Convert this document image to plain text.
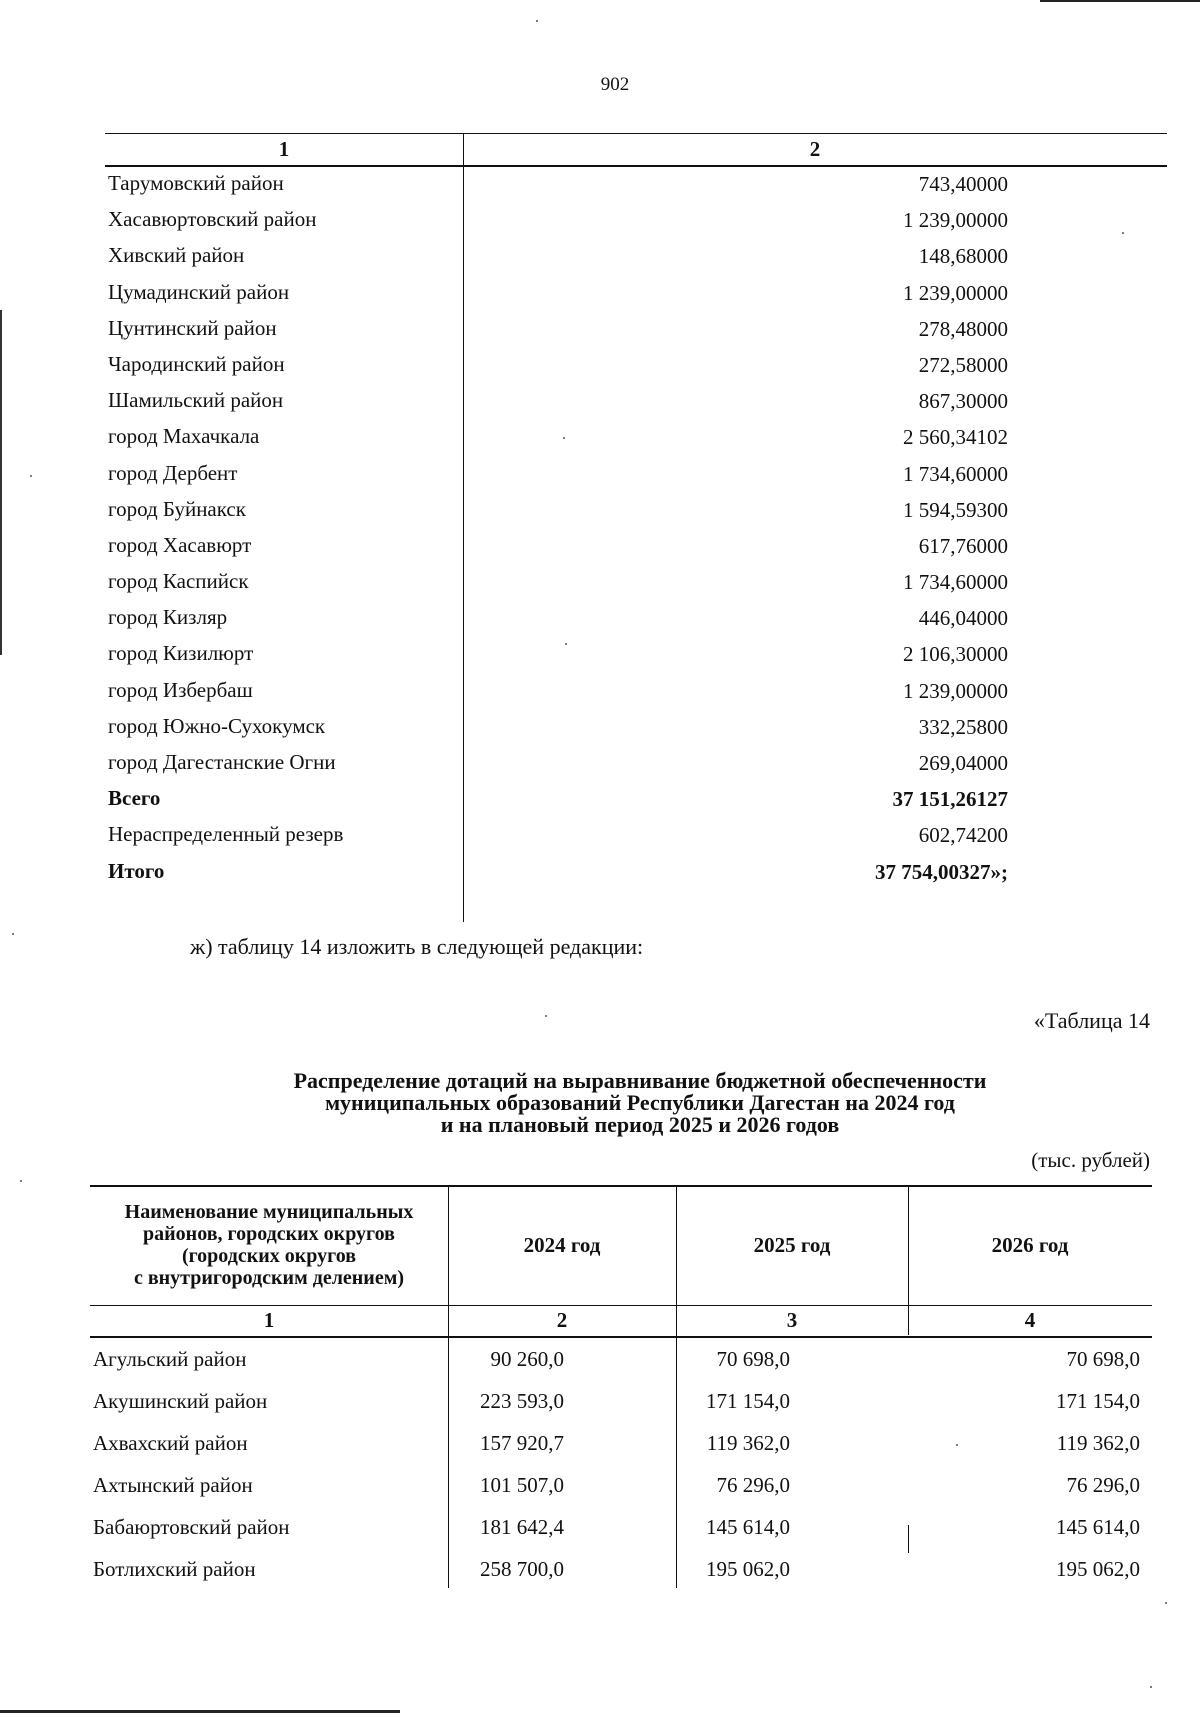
902
1	2
Тарумовский район	743,40000
Хасавюртовский район	1 239,00000
Хивский район	148,68000
Цумадинский район	1 239,00000
Цунтинский район	278,48000
Чародинский район	272,58000
Шамильский район	867,30000
город Махачкала	2 560,34102
город Дербент	1 734,60000
город Буйнакск	1 594,59300
город Хасавюрт	617,76000
город Каспийск	1 734,60000
город Кизляр	446,04000
город Кизилюрт	2 106,30000
город Избербаш	1 239,00000
город Южно-Сухокумск	332,25800
город Дагестанские Огни	269,04000
Всего	37 151,26127
Нераспределенный резерв	602,74200
Итого	37 754,00327»;
ж) таблицу 14 изложить в следующей редакции:
«Таблица 14
Распределение дотаций на выравнивание бюджетной обеспеченности
муниципальных образований Республики Дагестан на 2024 год
и на плановый период 2025 и 2026 годов
(тыс. рублей)
Наименование муниципальных
районов, городских округов
(городских округов
с внутригородским делением)
2024 год	2025 год	2026 год
1	2	3	4
Агульский район	90 260,0	70 698,0	70 698,0
Акушинский район	223 593,0	171 154,0	171 154,0
Ахвахский район	157 920,7	119 362,0	119 362,0
Ахтынский район	101 507,0	76 296,0	76 296,0
Бабаюртовский район	181 642,4	145 614,0	145 614,0
Ботлихский район	258 700,0	195 062,0	195 062,0
